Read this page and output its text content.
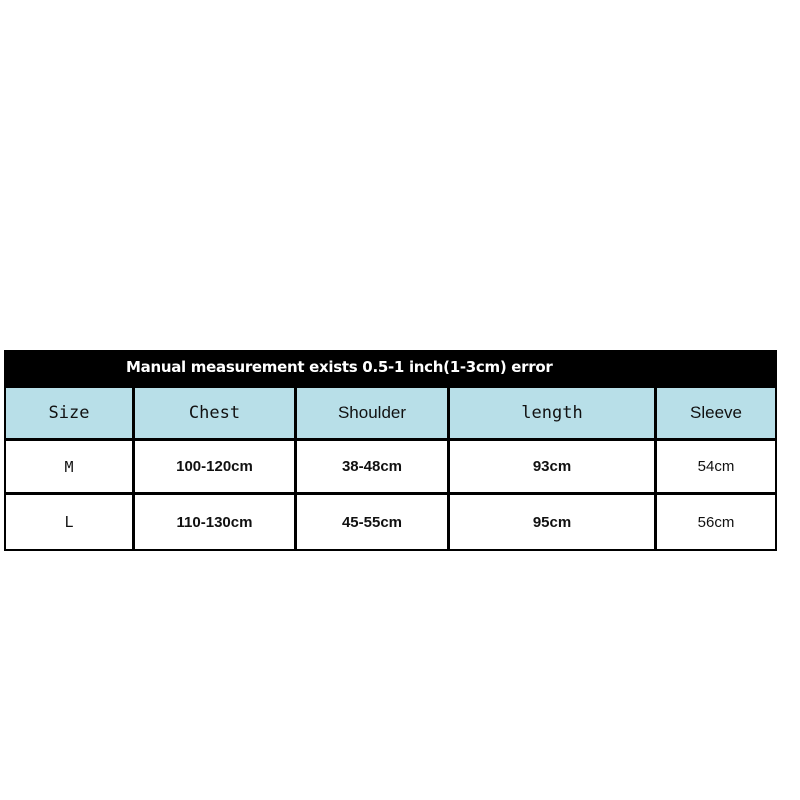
Manual measurement exists 0.5-1 inch(1-3cm) error
Size	Chest	Shoulder	length	Sleeve
M	100-120cm	38-48cm	93cm	54cm
L	110-130cm	45-55cm	95cm	56cm
